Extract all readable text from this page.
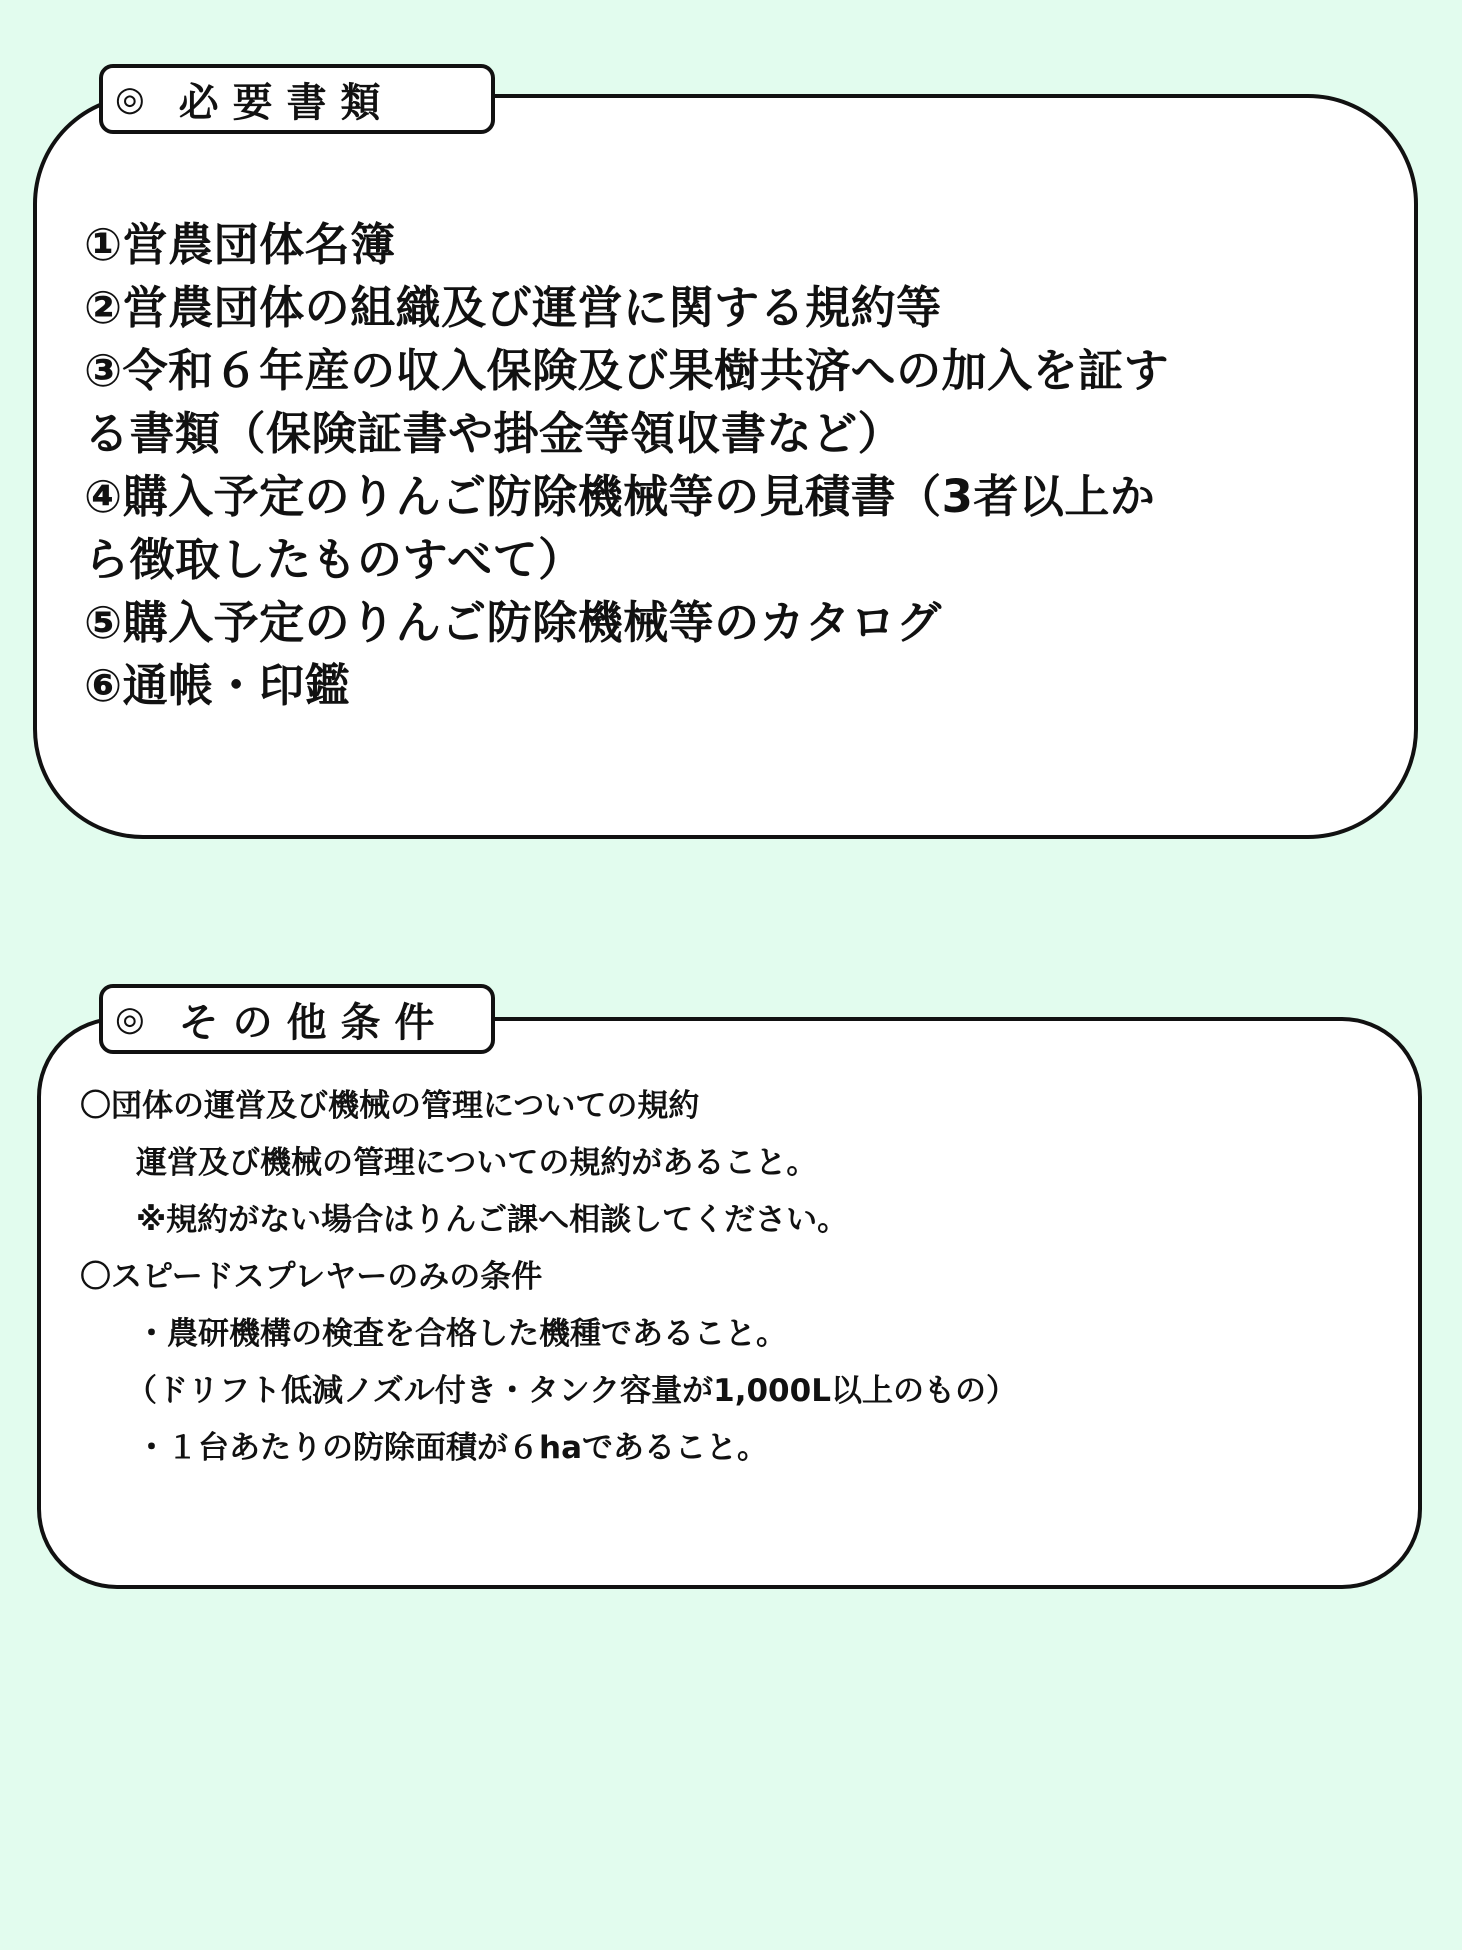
◎ 必 要 書 類
①営農団体名簿
②営農団体の組織及び運営に関する規約等
③令和６年産の収入保険及び果樹共済への加入を証す
る書類（保険証書や掛金等領収書など）
④購入予定のりんご防除機械等の見積書（3者以上か
ら徴取したものすべて）
⑤購入予定のりんご防除機械等のカタログ
⑥通帳・印鑑
◎ そ の 他 条 件
〇団体の運営及び機械の管理についての規約
運営及び機械の管理についての規約があること。
※規約がない場合はりんご課へ相談してください。
〇スピードスプレヤーのみの条件
・農研機構の検査を合格した機種であること。
（ドリフト低減ノズル付き・タンク容量が1,000L以上のもの）
・１台あたりの防除面積が６haであること。
